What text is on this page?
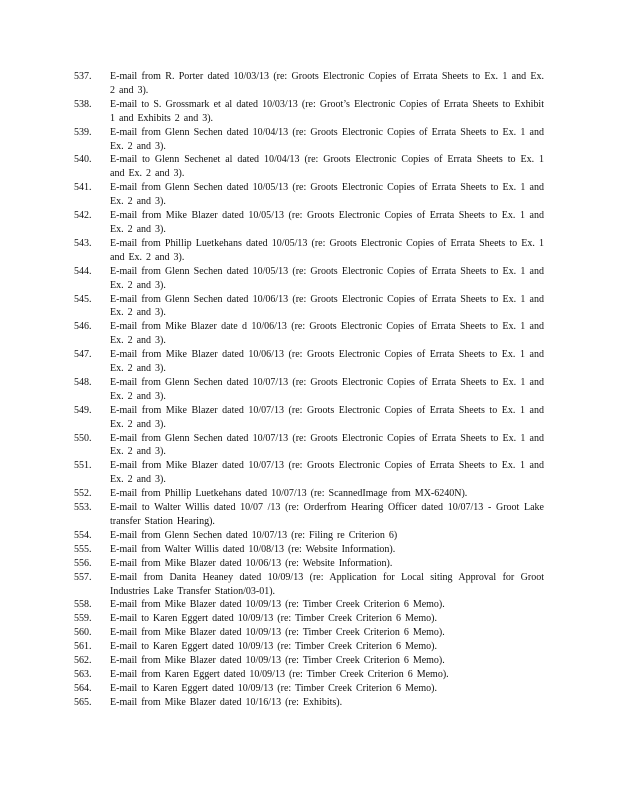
537.	E-mail from R. Porter dated 10/03/13 (re: Groots Electronic Copies of Errata Sheets to Ex. 1 and Ex. 2 and 3).
538.	E-mail to S. Grossmark et al dated 10/03/13 (re: Groot’s Electronic Copies of Errata Sheets to Exhibit 1 and Exhibits 2 and 3).
539.	E-mail from Glenn Sechen dated 10/04/13 (re: Groots Electronic Copies of Errata Sheets to Ex. 1 and Ex. 2 and 3).
540.	E-mail to Glenn Sechenet al dated 10/04/13 (re: Groots Electronic Copies of Errata Sheets to Ex. 1 and Ex. 2 and 3).
541.	E-mail from Glenn Sechen dated 10/05/13 (re: Groots Electronic Copies of Errata Sheets to Ex. 1 and Ex. 2 and 3).
542.	E-mail from Mike Blazer dated 10/05/13 (re: Groots Electronic Copies of Errata Sheets to Ex. 1 and Ex. 2 and 3).
543.	E-mail from Phillip Luetkehans dated 10/05/13 (re: Groots Electronic Copies of Errata Sheets to Ex. 1 and Ex. 2 and 3).
544.	E-mail from Glenn Sechen dated 10/05/13 (re: Groots Electronic Copies of Errata Sheets to Ex. 1 and Ex. 2 and 3).
545.	E-mail from Glenn Sechen dated 10/06/13 (re: Groots Electronic Copies of Errata Sheets to Ex. 1 and Ex. 2 and 3).
546.	E-mail from Mike Blazer date d 10/06/13 (re: Groots Electronic Copies of Errata Sheets to Ex. 1 and Ex. 2 and 3).
547.	E-mail from Mike Blazer dated 10/06/13 (re: Groots Electronic Copies of Errata Sheets to Ex. 1 and Ex. 2 and 3).
548.	E-mail from Glenn Sechen dated 10/07/13 (re: Groots Electronic Copies of Errata Sheets to Ex. 1 and Ex. 2 and 3).
549.	E-mail from Mike Blazer dated 10/07/13 (re: Groots Electronic Copies of Errata Sheets to Ex. 1 and Ex. 2 and 3).
550.	E-mail from Glenn Sechen dated 10/07/13 (re: Groots Electronic Copies of Errata Sheets to Ex. 1 and Ex. 2 and 3).
551.	E-mail from Mike Blazer dated 10/07/13 (re: Groots Electronic Copies of Errata Sheets to Ex. 1 and Ex. 2 and 3).
552.	E-mail from Phillip Luetkehans dated 10/07/13 (re: ScannedImage from MX-6240N).
553.	E-mail to Walter Willis dated 10/07 /13 (re: Orderfrom Hearing Officer dated 10/07/13 - Groot Lake transfer Station Hearing).
554.	E-mail from Glenn Sechen dated 10/07/13 (re: Filing re Criterion 6)
555.	E-mail from Walter Willis dated 10/08/13 (re: Website Information).
556.	E-mail from Mike Blazer dated 10/06/13 (re: Website Information).
557.	E-mail from Danita Heaney dated 10/09/13 (re: Application for Local siting Approval for Groot Industries Lake Transfer Station/03-01).
558.	E-mail from Mike Blazer dated 10/09/13 (re: Timber Creek Criterion 6 Memo).
559.	E-mail to Karen Eggert dated 10/09/13 (re: Timber Creek Criterion 6 Memo).
560.	E-mail from Mike Blazer dated 10/09/13 (re: Timber Creek Criterion 6 Memo).
561.	E-mail to Karen Eggert dated 10/09/13 (re: Timber Creek Criterion 6 Memo).
562.	E-mail from Mike Blazer dated 10/09/13 (re: Timber Creek Criterion 6 Memo).
563.	E-mail from Karen Eggert dated 10/09/13 (re: Timber Creek Criterion 6 Memo).
564.	E-mail to Karen Eggert dated 10/09/13 (re: Timber Creek Criterion 6 Memo).
565.	E-mail from Mike Blazer dated 10/16/13 (re: Exhibits).
